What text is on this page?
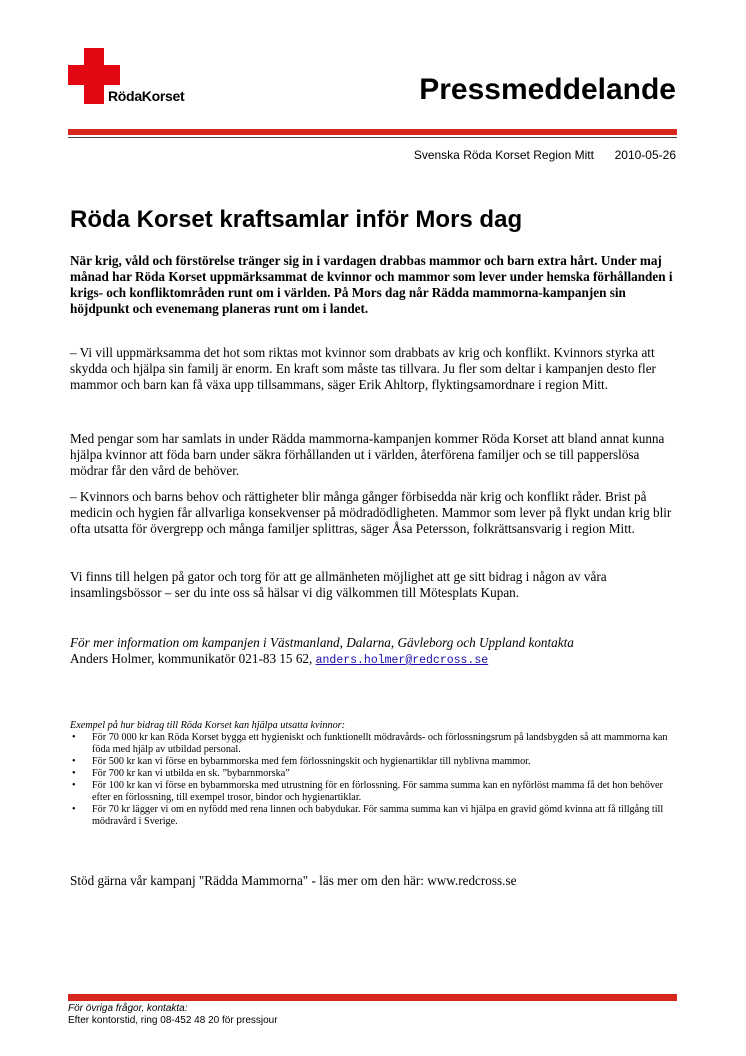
RödaKorset	Pressmeddelande
Svenska Röda Korset Region Mitt 2010-05-26
Röda Korset kraftsamlar inför Mors dag
När krig, våld och förstörelse tränger sig in i vardagen drabbas mammor och barn extra hårt. Under maj månad har Röda Korset uppmärksammat de kvinnor och mammor som lever under hemska förhållanden i krigs- och konfliktområden runt om i världen. På Mors dag når Rädda mammorna-kampanjen sin höjdpunkt och evenemang planeras runt om i landet.

– Vi vill uppmärksamma det hot som riktas mot kvinnor som drabbats av krig och konflikt. Kvinnors styrka att skydda och hjälpa sin familj är enorm. En kraft som måste tas tillvara. Ju fler som deltar i kampanjen desto fler mammor och barn kan få växa upp tillsammans, säger Erik Ahltorp, flyktingsamordnare i region Mitt.

Med pengar som har samlats in under Rädda mammorna-kampanjen kommer Röda Korset att bland annat kunna hjälpa kvinnor att föda barn under säkra förhållanden ut i världen, återförena familjer och se till papperslösa mödrar får den vård de behöver.

– Kvinnors och barns behov och rättigheter blir många gånger förbisedda när krig och konflikt råder. Brist på medicin och hygien får allvarliga konsekvenser på mödradödligheten. Mammor som lever på flykt undan krig blir ofta utsatta för övergrepp och många familjer splittras, säger Åsa Petersson, folkrättsansvarig i region Mitt.

Vi finns till helgen på gator och torg för att ge allmänheten möjlighet att ge sitt bidrag i någon av våra insamlingsbössor – ser du inte oss så hälsar vi dig välkommen till Mötesplats Kupan.

För mer information om kampanjen i Västmanland, Dalarna, Gävleborg och Uppland kontakta
Anders Holmer, kommunikatör 021-83 15 62, anders.holmer@redcross.se
Exempel på hur bidrag till Röda Korset kan hjälpa utsatta kvinnor:
• För 70 000 kr kan Röda Korset bygga ett hygieniskt och funktionellt mödravårds- och förlossningsrum på landsbygden så att mammorna kan föda med hjälp av utbildad personal.
• För 500 kr kan vi förse en bybarnmorska med fem förlossningskit och hygienartiklar till nyblivna mammor.
• För 700 kr kan vi utbilda en sk. ”bybarnmorska”
• För 100 kr kan vi förse en bybarnmorska med utrustning för en förlossning. För samma summa kan en nyförlöst mamma få det hon behöver efter en förlossning, till exempel trosor, bindor och hygienartiklar.
• För 70 kr lägger vi om en nyfödd med rena linnen och babydukar. För samma summa kan vi hjälpa en gravid gömd kvinna att få tillgång till mödravård i Sverige.
Stöd gärna vår kampanj "Rädda Mammorna" - läs mer om den här: www.redcross.se
För övriga frågor, kontakta:
Efter kontorstid, ring 08-452 48 20 för pressjour
